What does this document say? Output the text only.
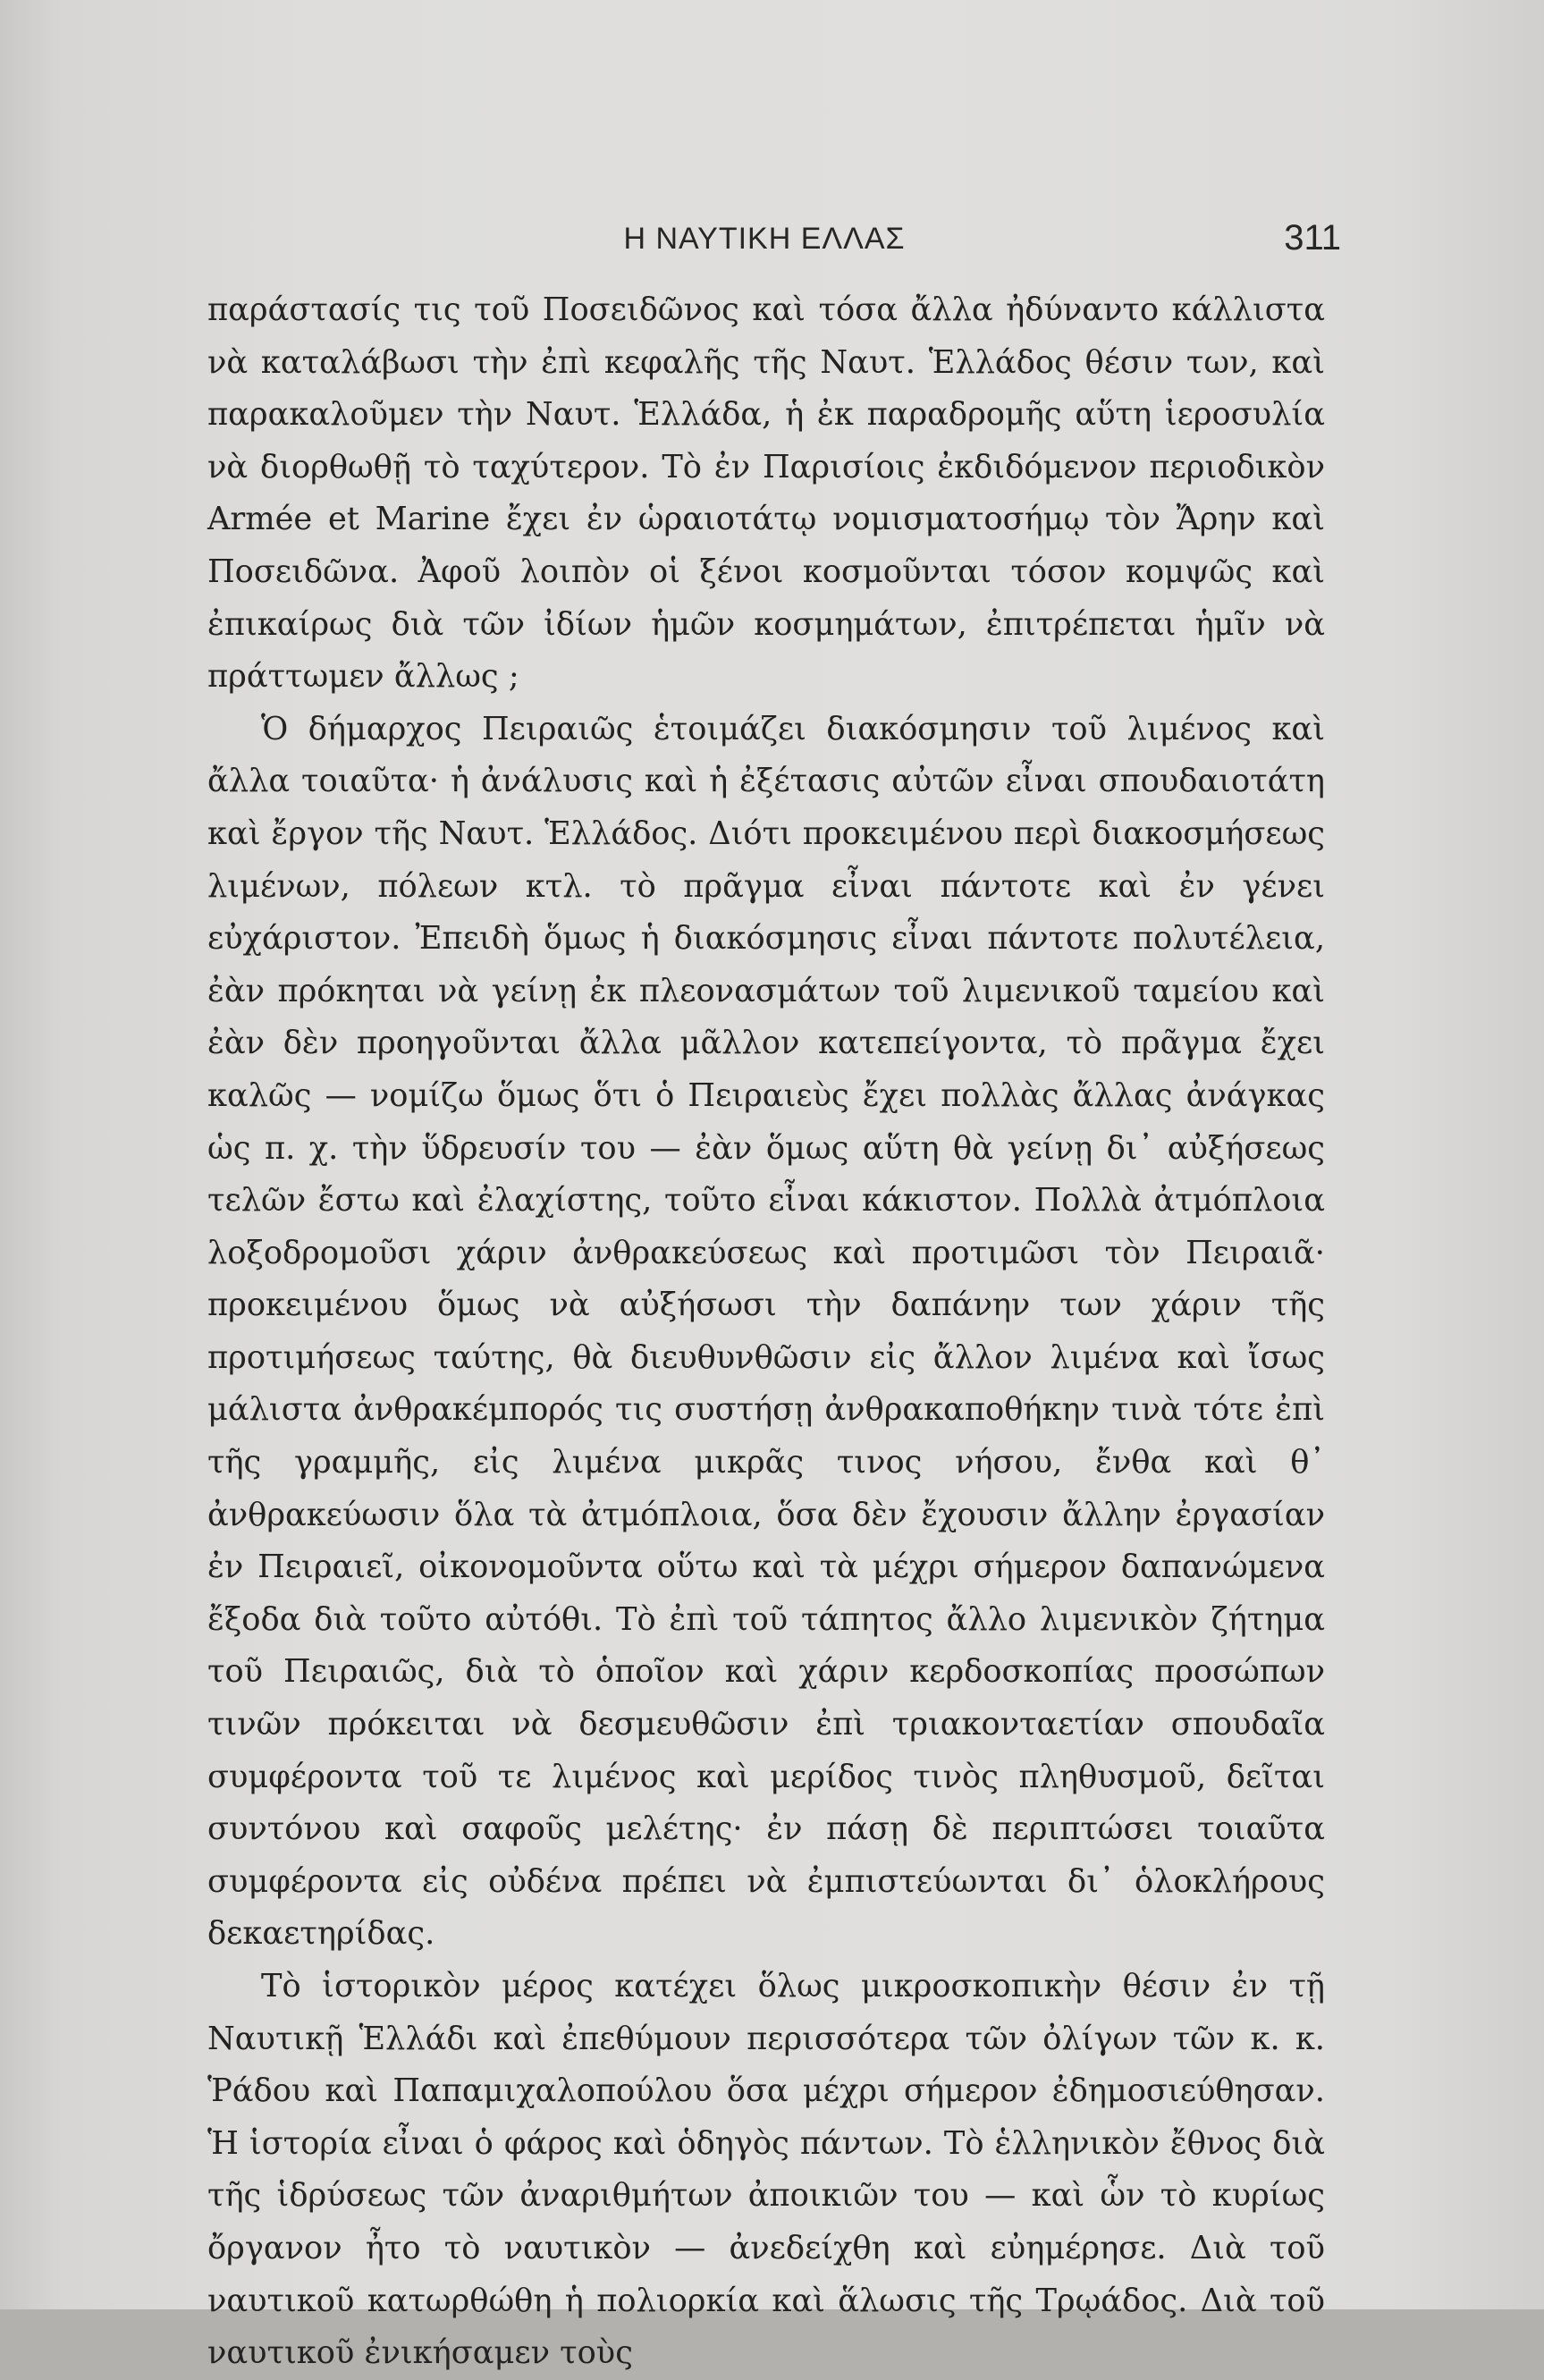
Η ΝΑΥΤΙΚΗ ΕΛΛΑΣ	311

παράστασίς τις τοῦ Ποσειδῶνος καὶ τόσα ἄλλα ἠδύναντο κάλλιστα νὰ καταλάβωσι τὴν ἐπὶ κεφαλῆς τῆς Ναυτ. Ἑλλάδος θέσιν των, καὶ παρακαλοῦμεν τὴν Ναυτ. Ἑλλάδα, ἡ ἐκ παραδρομῆς αὕτη ἱεροσυλία νὰ διορθωθῇ τὸ ταχύτερον. Τὸ ἐν Παρισίοις ἐκδιδόμενον περιοδικὸν Armée et Marine ἔχει ἐν ὡραιοτάτῳ νομισματοσήμῳ τὸν Ἄρην καὶ Ποσειδῶνα. Ἀφοῦ λοιπὸν οἱ ξένοι κοσμοῦνται τόσον κομψῶς καὶ ἐπικαίρως διὰ τῶν ἰδίων ἡμῶν κοσμημάτων, ἐπιτρέπεται ἡμῖν νὰ πράττωμεν ἄλλως ;

Ὁ δήμαρχος Πειραιῶς ἑτοιμάζει διακόσμησιν τοῦ λιμένος καὶ ἄλλα τοιαῦτα· ἡ ἀνάλυσις καὶ ἡ ἐξέτασις αὐτῶν εἶναι σπουδαιοτάτη καὶ ἔργον τῆς Ναυτ. Ἑλλάδος. Διότι προκειμένου περὶ διακοσμήσεως λιμένων, πόλεων κτλ. τὸ πρᾶγμα εἶναι πάντοτε καὶ ἐν γένει εὐχάριστον. Ἐπειδὴ ὅμως ἡ διακόσμησις εἶναι πάντοτε πολυτέλεια, ἐὰν πρόκηται νὰ γείνῃ ἐκ πλεονασμάτων τοῦ λιμενικοῦ ταμείου καὶ ἐὰν δὲν προηγοῦνται ἄλλα μᾶλλον κατεπείγοντα, τὸ πρᾶγμα ἔχει καλῶς — νομίζω ὅμως ὅτι ὁ Πειραιεὺς ἔχει πολλὰς ἄλλας ἀνάγκας ὡς π. χ. τὴν ὕδρευσίν του — ἐὰν ὅμως αὕτη θὰ γείνῃ δι᾿ αὐξήσεως τελῶν ἔστω καὶ ἐλαχίστης, τοῦτο εἶναι κάκιστον. Πολλὰ ἀτμόπλοια λοξοδρομοῦσι χάριν ἀνθρακεύσεως καὶ προτιμῶσι τὸν Πειραιᾶ· προκειμένου ὅμως νὰ αὐξήσωσι τὴν δαπάνην των χάριν τῆς προτιμήσεως ταύτης, θὰ διευθυνθῶσιν εἰς ἄλλον λιμένα καὶ ἴσως μάλιστα ἀνθρακέμπορός τις συστήσῃ ἀνθρακαποθήκην τινὰ τότε ἐπὶ τῆς γραμμῆς, εἰς λιμένα μικρᾶς τινος νήσου, ἔνθα καὶ θ᾿ ἀνθρακεύωσιν ὅλα τὰ ἀτμόπλοια, ὅσα δὲν ἔχουσιν ἄλλην ἐργασίαν ἐν Πειραιεῖ, οἰκονομοῦντα οὕτω καὶ τὰ μέχρι σήμερον δαπανώμενα ἔξοδα διὰ τοῦτο αὐτόθι. Τὸ ἐπὶ τοῦ τάπητος ἄλλο λιμενικὸν ζήτημα τοῦ Πειραιῶς, διὰ τὸ ὁποῖον καὶ χάριν κερδοσκοπίας προσώπων τινῶν πρόκειται νὰ δεσμευθῶσιν ἐπὶ τριακονταετίαν σπουδαῖα συμφέροντα τοῦ τε λιμένος καὶ μερίδος τινὸς πληθυσμοῦ, δεῖται συντόνου καὶ σαφοῦς μελέτης· ἐν πάσῃ δὲ περιπτώσει τοιαῦτα συμφέροντα εἰς οὐδένα πρέπει νὰ ἐμπιστεύωνται δι᾿ ὁλοκλήρους δεκαετηρίδας.

Τὸ ἱστορικὸν μέρος κατέχει ὅλως μικροσκοπικὴν θέσιν ἐν τῇ Ναυτικῇ Ἑλλάδι καὶ ἐπεθύμουν περισσότερα τῶν ὀλίγων τῶν κ. κ. Ῥάδου καὶ Παπαμιχαλοπούλου ὅσα μέχρι σήμερον ἐδημοσιεύθησαν. Ἡ ἱστορία εἶναι ὁ φάρος καὶ ὁδηγὸς πάντων. Τὸ ἑλληνικὸν ἔθνος διὰ τῆς ἱδρύσεως τῶν ἀναριθμήτων ἀποικιῶν του — καὶ ὧν τὸ κυρίως ὄργανον ἦτο τὸ ναυτικὸν — ἀνεδείχθη καὶ εὐημέρησε. Διὰ τοῦ ναυτικοῦ κατωρθώθη ἡ πολιορκία καὶ ἅλωσις τῆς Τρῳάδος. Διὰ τοῦ ναυτικοῦ ἐνικήσαμεν τοὺς
